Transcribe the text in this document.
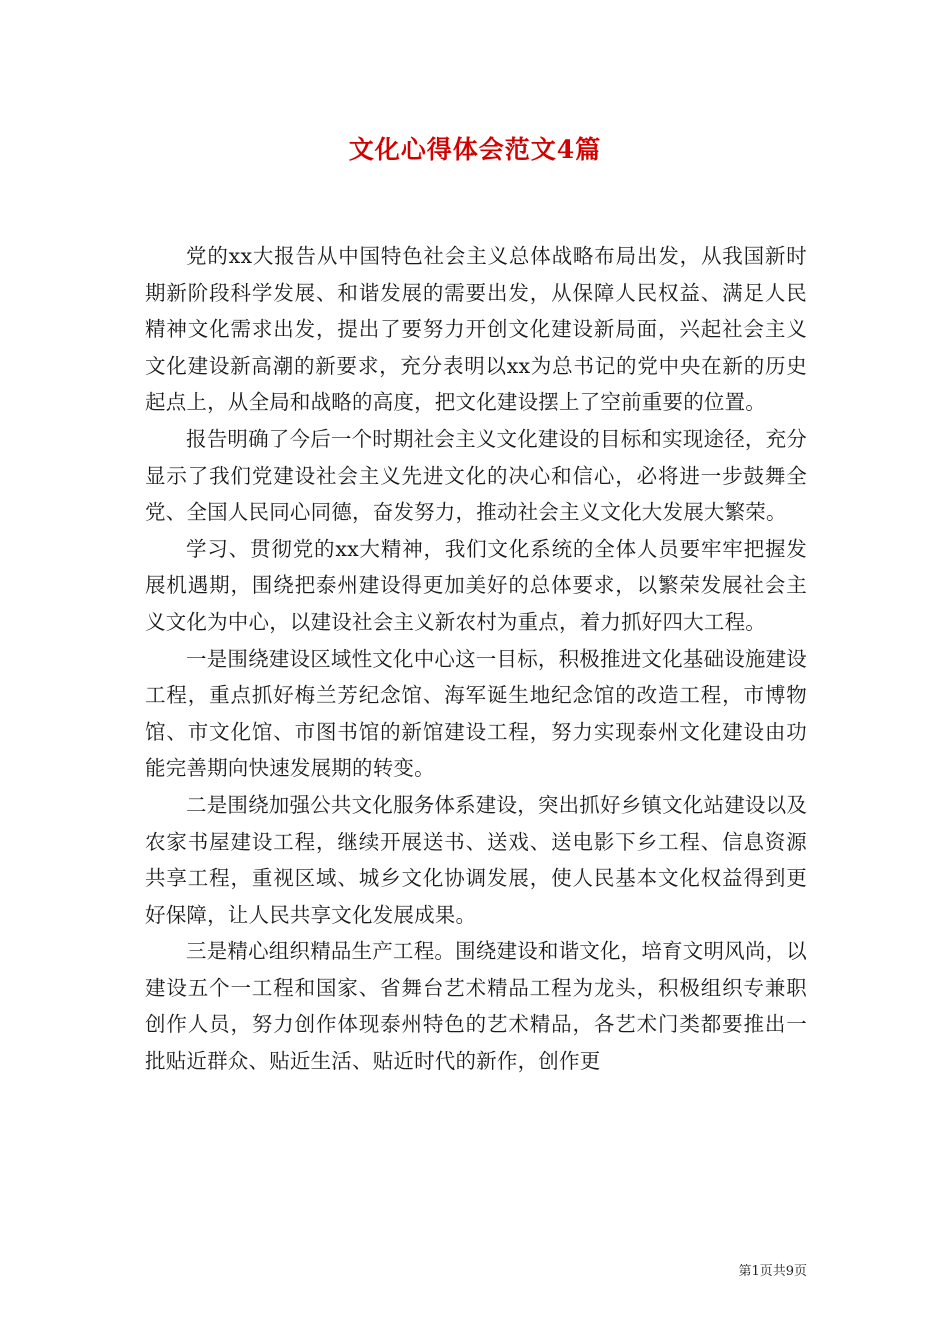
文化心得体会范文4篇

党的xx大报告从中国特色社会主义总体战略布局出发，从我国新时期新阶段科学发展、和谐发展的需要出发，从保障人民权益、满足人民精神文化需求出发，提出了要努力开创文化建设新局面，兴起社会主义文化建设新高潮的新要求，充分表明以xx为总书记的党中央在新的历史起点上，从全局和战略的高度，把文化建设摆上了空前重要的位置。

报告明确了今后一个时期社会主义文化建设的目标和实现途径，充分显示了我们党建设社会主义先进文化的决心和信心，必将进一步鼓舞全党、全国人民同心同德，奋发努力，推动社会主义文化大发展大繁荣。

学习、贯彻党的xx大精神，我们文化系统的全体人员要牢牢把握发展机遇期，围绕把泰州建设得更加美好的总体要求，以繁荣发展社会主义文化为中心，以建设社会主义新农村为重点，着力抓好四大工程。

一是围绕建设区域性文化中心这一目标，积极推进文化基础设施建设工程，重点抓好梅兰芳纪念馆、海军诞生地纪念馆的改造工程，市博物馆、市文化馆、市图书馆的新馆建设工程，努力实现泰州文化建设由功能完善期向快速发展期的转变。

二是围绕加强公共文化服务体系建设，突出抓好乡镇文化站建设以及农家书屋建设工程，继续开展送书、送戏、送电影下乡工程、信息资源共享工程，重视区域、城乡文化协调发展，使人民基本文化权益得到更好保障，让人民共享文化发展成果。

三是精心组织精品生产工程。围绕建设和谐文化，培育文明风尚，以建设五个一工程和国家、省舞台艺术精品工程为龙头，积极组织专兼职创作人员，努力创作体现泰州特色的艺术精品，各艺术门类都要推出一批贴近群众、贴近生活、贴近时代的新作，创作更

第1页共9页
